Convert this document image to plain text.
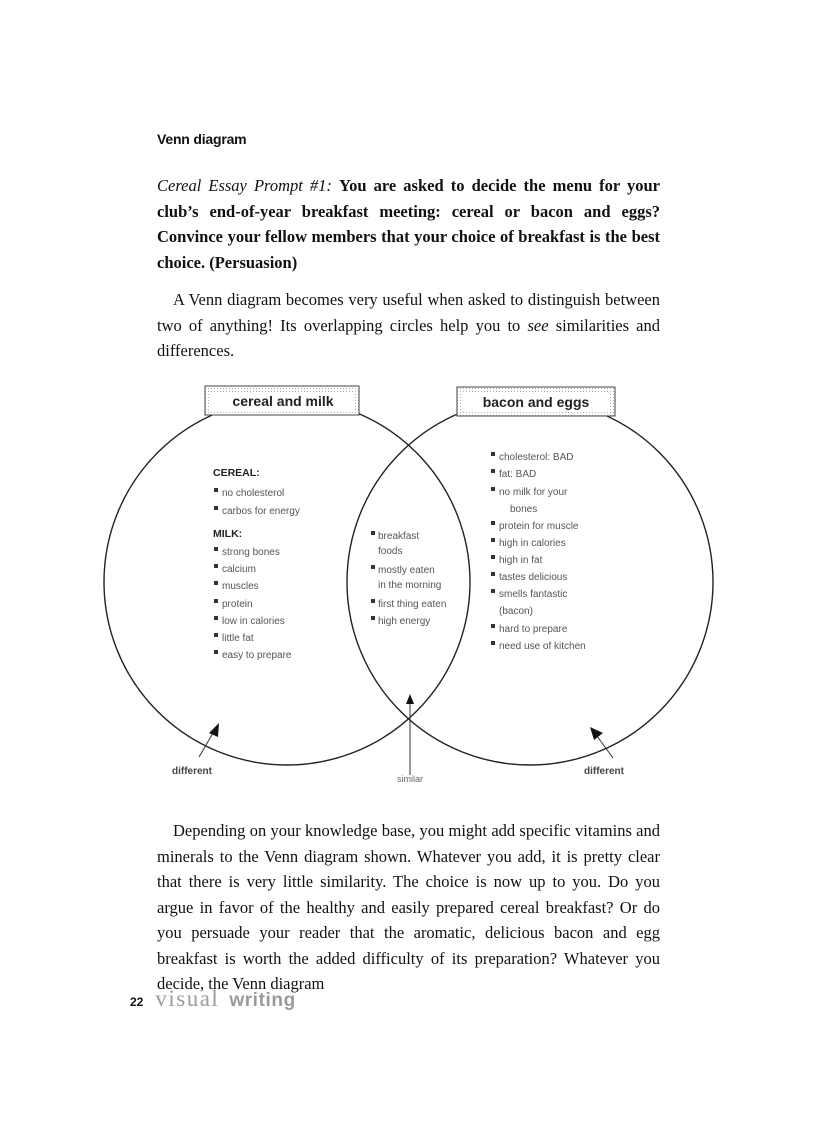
Venn diagram
Cereal Essay Prompt #1: You are asked to decide the menu for your club’s end-of-year breakfast meeting: cereal or bacon and eggs? Convince your fellow members that your choice of breakfast is the best choice. (Persuasion)
A Venn diagram becomes very useful when asked to distinguish between two of anything! Its overlapping circles help you to see similarities and differences.
cereal and milk	bacon and eggs
CEREAL:
no cholesterol
carbos for energy
MILK:
strong bones
calcium
muscles
protein
low in calories
little fat
easy to prepare
breakfast
foods
mostly eaten
in the morning
first thing eaten
high energy
cholesterol: BAD
fat: BAD
no milk for your
bones
protein for muscle
high in calories
high in fat
tastes delicious
smells fantastic
(bacon)
hard to prepare
need use of kitchen
different
similar
different
Depending on your knowledge base, you might add specific vitamins and minerals to the Venn diagram shown. Whatever you add, it is pretty clear that there is very little similarity. The choice is now up to you. Do you argue in favor of the healthy and easily prepared cereal breakfast? Or do you persuade your reader that the aromatic, delicious bacon and egg breakfast is worth the added difficulty of its preparation? Whatever you decide, the Venn diagram
22 visual writing
